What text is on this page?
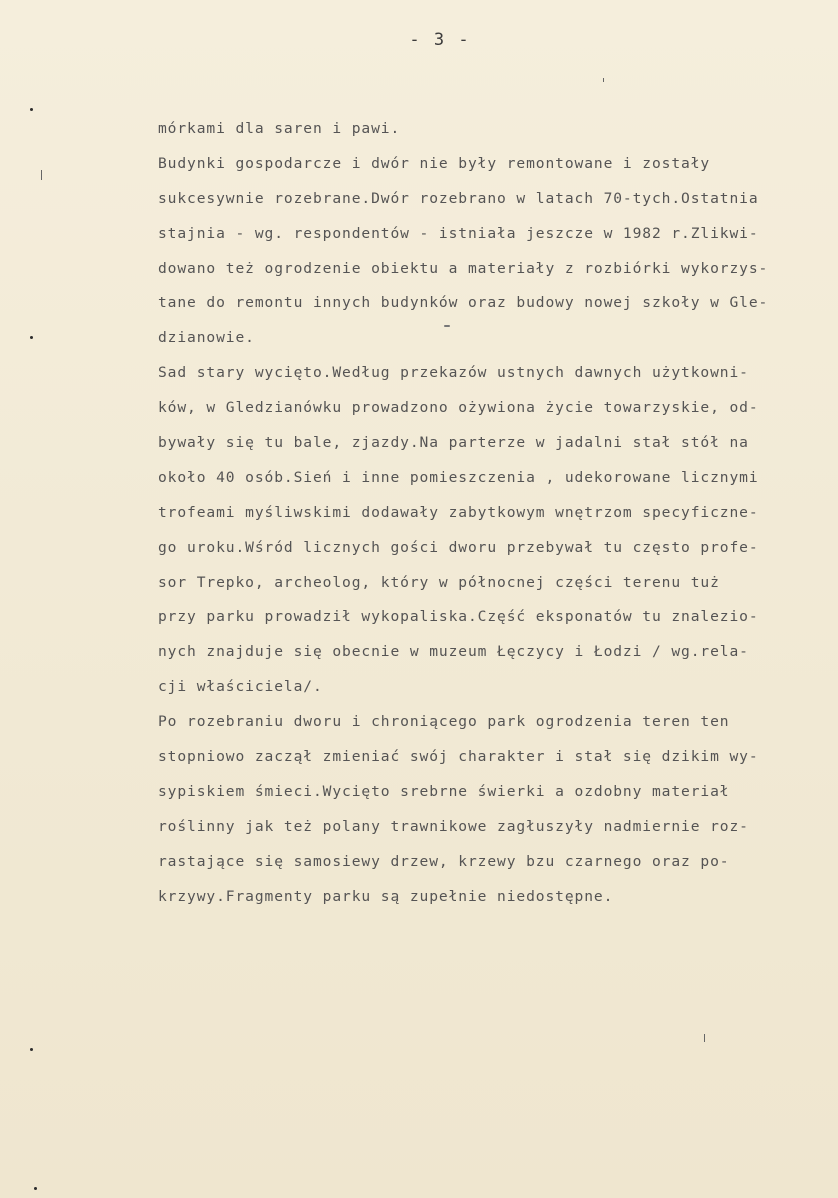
- 3 -
mórkami dla saren i pawi.
Budynki gospodarcze i dwór nie były remontowane i zostały
sukcesywnie rozebrane.Dwór rozebrano w latach 70-tych.Ostatnia
stajnia - wg. respondentów - istniała jeszcze w 1982 r.Zlikwi-
dowano też ogrodzenie obiektu a materiały z rozbiórki wykorzys-
tane do remontu innych budynków oraz budowy nowej szkoły w Gle-
dzianowie.
Sad stary wycięto.Według przekazów ustnych dawnych użytkowni-
ków, w Gledzianówku prowadzono ożywiona życie towarzyskie, od-
bywały się tu bale, zjazdy.Na parterze w jadalni stał stół na
około 40 osób.Sień i inne pomieszczenia , udekorowane licznymi
trofeami myśliwskimi dodawały zabytkowym wnętrzom specyficzne-
go uroku.Wśród licznych gości dworu przebywał tu często profe-
sor Trepko, archeolog, który w północnej części terenu tuż
przy parku prowadził wykopaliska.Część eksponatów tu znalezio-
nych znajduje się obecnie w muzeum Łęczycy i Łodzi / wg.rela-
cji właściciela/.
Po rozebraniu dworu i chroniącego park ogrodzenia teren ten
stopniowo zaczął zmieniać swój charakter i stał się dzikim wy-
sypiskiem śmieci.Wycięto srebrne świerki a ozdobny materiał
roślinny jak też polany trawnikowe zagłuszyły nadmiernie roz-
rastające się samosiewy drzew, krzewy bzu czarnego oraz po-
krzywy.Fragmenty parku są zupełnie niedostępne.
